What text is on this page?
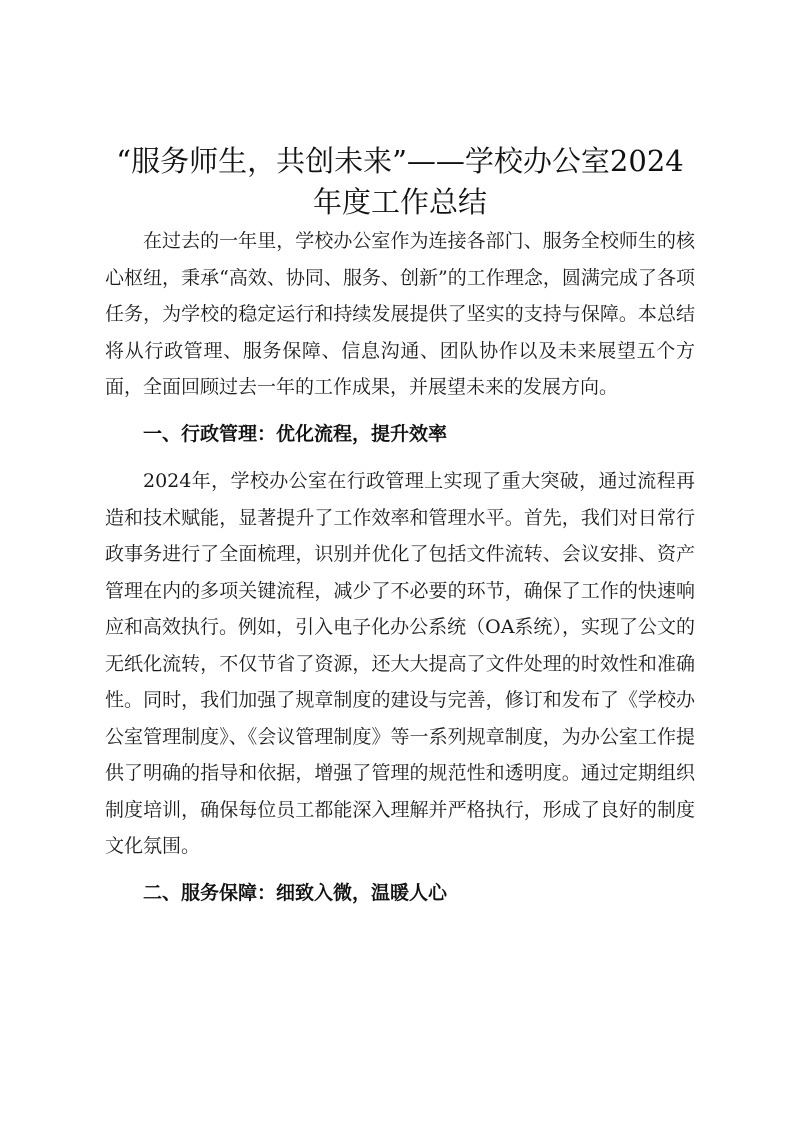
“服务师生，共创未来”——学校办公室2024年度工作总结

在过去的一年里，学校办公室作为连接各部门、服务全校师生的核心枢纽，秉承“高效、协同、服务、创新”的工作理念，圆满完成了各项任务，为学校的稳定运行和持续发展提供了坚实的支持与保障。本总结将从行政管理、服务保障、信息沟通、团队协作以及未来展望五个方面，全面回顾过去一年的工作成果，并展望未来的发展方向。

一、行政管理：优化流程，提升效率

2024年，学校办公室在行政管理上实现了重大突破，通过流程再造和技术赋能，显著提升了工作效率和管理水平。首先，我们对日常行政事务进行了全面梳理，识别并优化了包括文件流转、会议安排、资产管理在内的多项关键流程，减少了不必要的环节，确保了工作的快速响应和高效执行。例如，引入电子化办公系统（OA系统），实现了公文的无纸化流转，不仅节省了资源，还大大提高了文件处理的时效性和准确性。同时，我们加强了规章制度的建设与完善，修订和发布了《学校办公室管理制度》、《会议管理制度》等一系列规章制度，为办公室工作提供了明确的指导和依据，增强了管理的规范性和透明度。通过定期组织制度培训，确保每位员工都能深入理解并严格执行，形成了良好的制度文化氛围。

二、服务保障：细致入微，温暖人心
